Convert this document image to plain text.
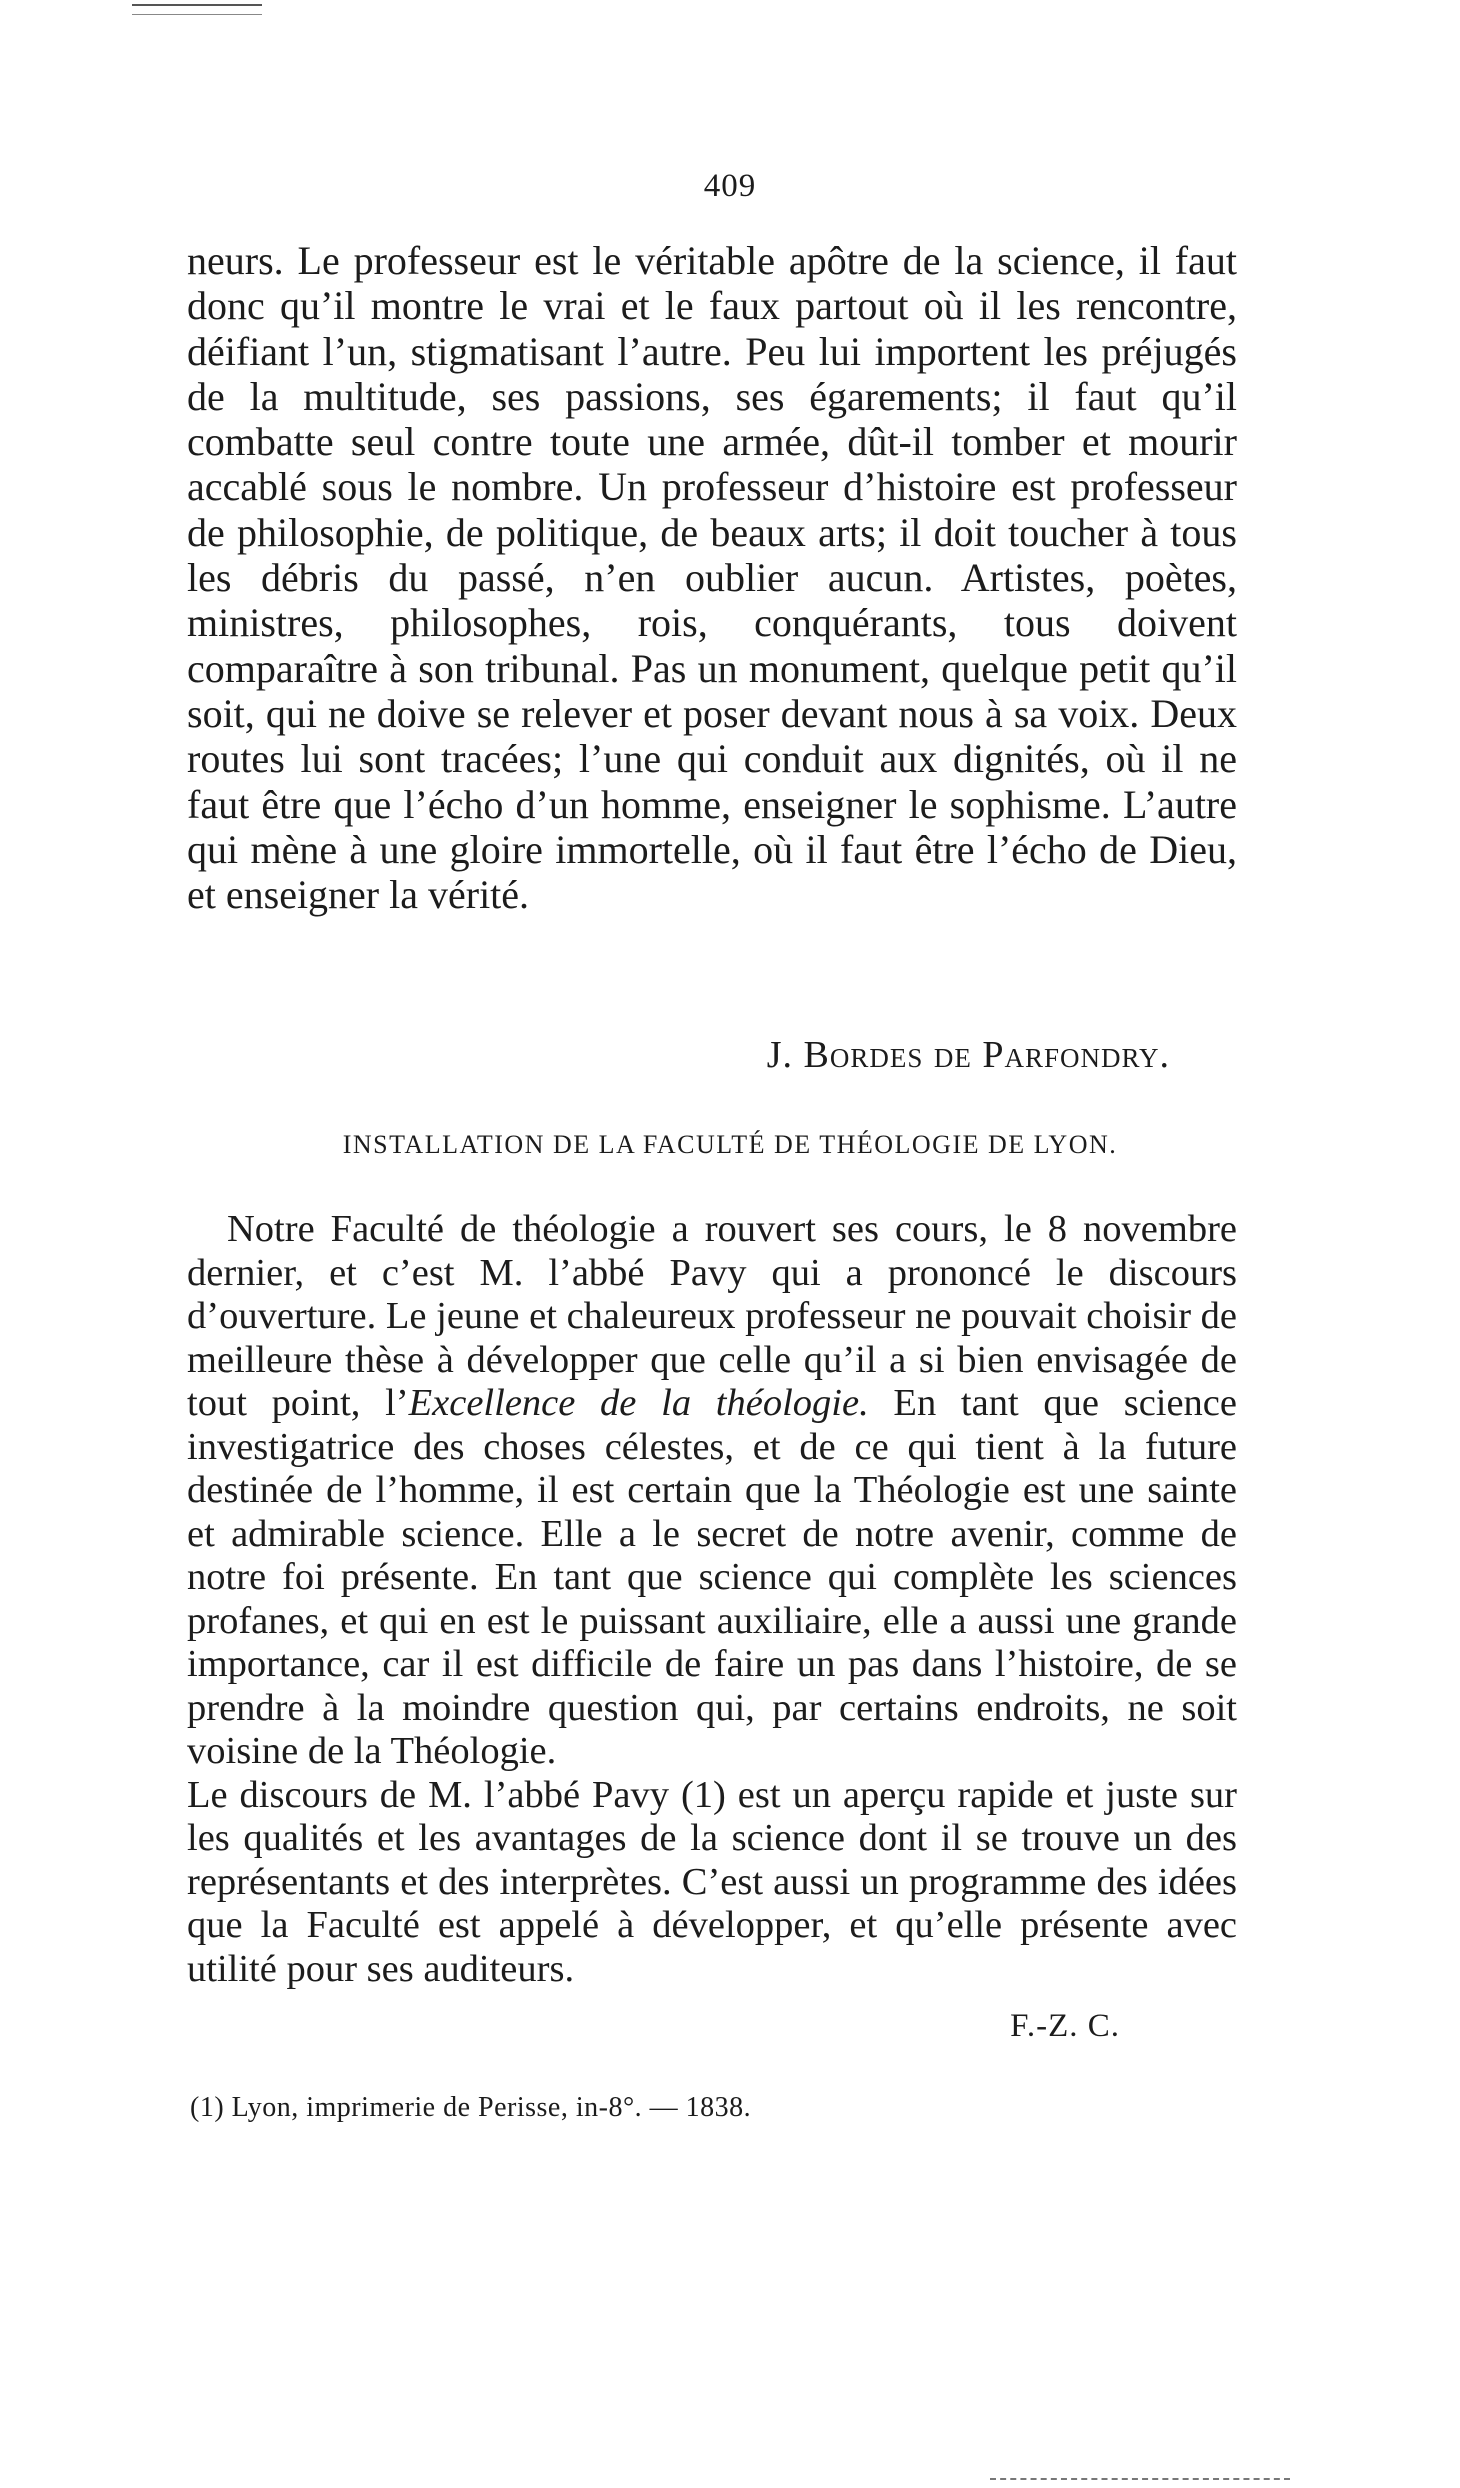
409

neurs. Le professeur est le véritable apôtre de la science, il faut donc qu’il montre le vrai et le faux partout où il les rencontre, déifiant l’un, stigmatisant l’autre. Peu lui importent les préjugés de la multitude, ses passions, ses égarements; il faut qu’il combatte seul contre toute une armée, dût-il tomber et mourir accablé sous le nombre. Un professeur d’histoire est professeur de philosophie, de politique, de beaux arts; il doit toucher à tous les débris du passé, n’en oublier aucun. Artistes, poètes, ministres, philosophes, rois, conquérants, tous doivent comparaître à son tribunal. Pas un monument, quelque petit qu’il soit, qui ne doive se relever et poser devant nous à sa voix. Deux routes lui sont tracées; l’une qui conduit aux dignités, où il ne faut être que l’écho d’un homme, enseigner le sophisme. L’autre qui mène à une gloire immortelle, où il faut être l’écho de Dieu, et enseigner la vérité.

J. Bordes de Parfondry.
INSTALLATION DE LA FACULTÉ DE THÉOLOGIE DE LYON.

Notre Faculté de théologie a rouvert ses cours, le 8 novembre dernier, et c’est M. l’abbé Pavy qui a prononcé le discours d’ouverture. Le jeune et chaleureux professeur ne pouvait choisir de meilleure thèse à développer que celle qu’il a si bien envisagée de tout point, l’Excellence de la théologie. En tant que science investigatrice des choses célestes, et de ce qui tient à la future destinée de l’homme, il est certain que la Théologie est une sainte et admirable science. Elle a le secret de notre avenir, comme de notre foi présente. En tant que science qui complète les sciences profanes, et qui en est le puissant auxiliaire, elle a aussi une grande importance, car il est difficile de faire un pas dans l’histoire, de se prendre à la moindre question qui, par certains endroits, ne soit voisine de la Théologie.

Le discours de M. l’abbé Pavy (1) est un aperçu rapide et juste sur les qualités et les avantages de la science dont il se trouve un des représentants et des interprètes. C’est aussi un programme des idées que la Faculté est appelé à développer, et qu’elle présente avec utilité pour ses auditeurs.

F.-Z. C.
(1) Lyon, imprimerie de Perisse, in-8°. — 1838.
